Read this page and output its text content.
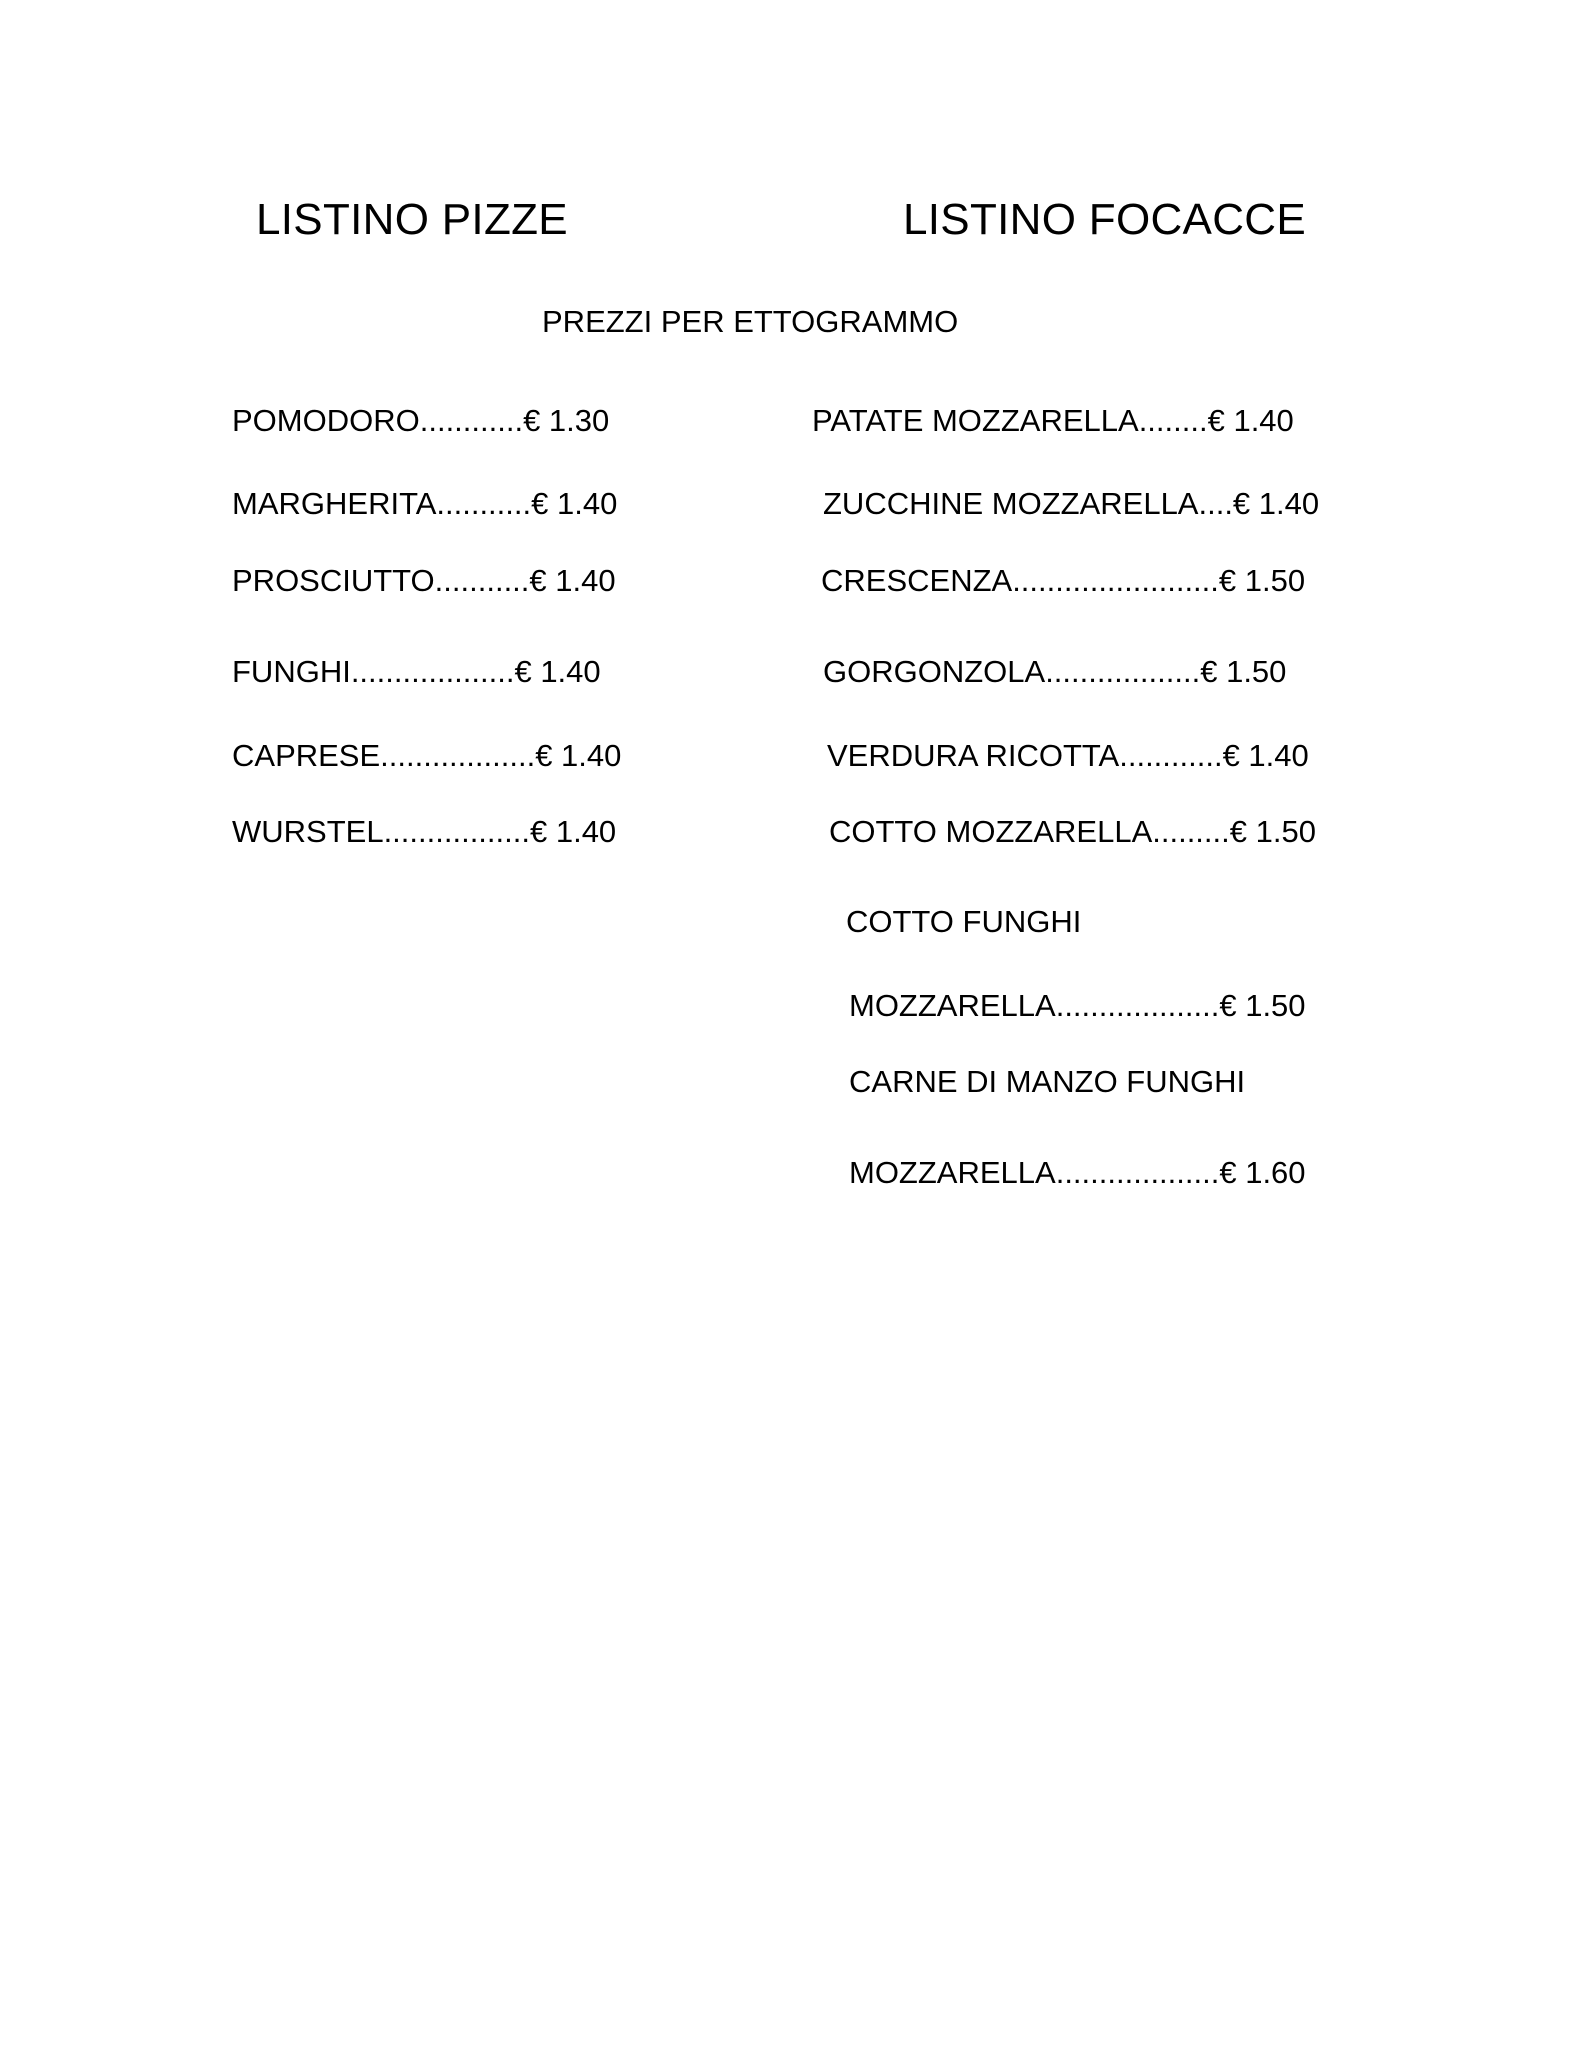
LISTINO PIZZE	LISTINO FOCACCE
PREZZI PER ETTOGRAMMO
POMODORO............€ 1.30
MARGHERITA...........€ 1.40
PROSCIUTTO...........€ 1.40
FUNGHI...................€ 1.40
CAPRESE..................€ 1.40
WURSTEL.................€ 1.40
PATATE MOZZARELLA........€ 1.40
ZUCCHINE MOZZARELLA....€ 1.40
CRESCENZA........................€ 1.50
GORGONZOLA..................€ 1.50
VERDURA RICOTTA............€ 1.40
COTTO MOZZARELLA.........€ 1.50
COTTO FUNGHI
MOZZARELLA...................€ 1.50
CARNE DI MANZO FUNGHI
MOZZARELLA...................€ 1.60
